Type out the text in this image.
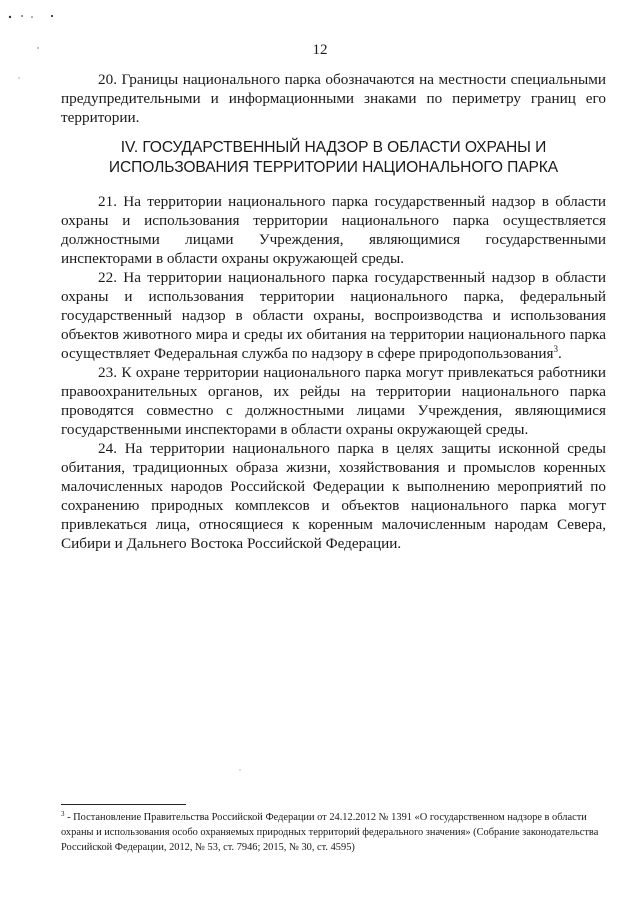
12

20. Границы национального парка обозначаются на местности специальными предупредительными и информационными знаками по периметру границ его территории.

IV. ГОСУДАРСТВЕННЫЙ НАДЗОР В ОБЛАСТИ ОХРАНЫ И
ИСПОЛЬЗОВАНИЯ ТЕРРИТОРИИ НАЦИОНАЛЬНОГО ПАРКА

21. На территории национального парка государственный надзор в области охраны и использования территории национального парка осуществляется должностными лицами Учреждения, являющимися государственными инспекторами в области охраны окружающей среды.

22. На территории национального парка государственный надзор в области охраны и использования территории национального парка, федеральный государственный надзор в области охраны, воспроизводства и использования объектов животного мира и среды их обитания на территории национального парка осуществляет Федеральная служба по надзору в сфере природопользования$^3$.

23. К охране территории национального парка могут привлекаться работники правоохранительных органов, их рейды на территории национального парка проводятся совместно с должностными лицами Учреждения, являющимися государственными инспекторами в области охраны окружающей среды.

24. На территории национального парка в целях защиты исконной среды обитания, традиционных образа жизни, хозяйствования и промыслов коренных малочисленных народов Российской Федерации к выполнению мероприятий по сохранению природных комплексов и объектов национального парка могут привлекаться лица, относящиеся к коренным малочисленным народам Севера, Сибири и Дальнего Востока Российской Федерации.

$^3$ - Постановление Правительства Российской Федерации от 24.12.2012 № 1391 «О государственном надзоре в области охраны и использования особо охраняемых природных территорий федерального значения» (Собрание законодательства Российской Федерации, 2012, № 53, ст. 7946; 2015, № 30, ст. 4595)
